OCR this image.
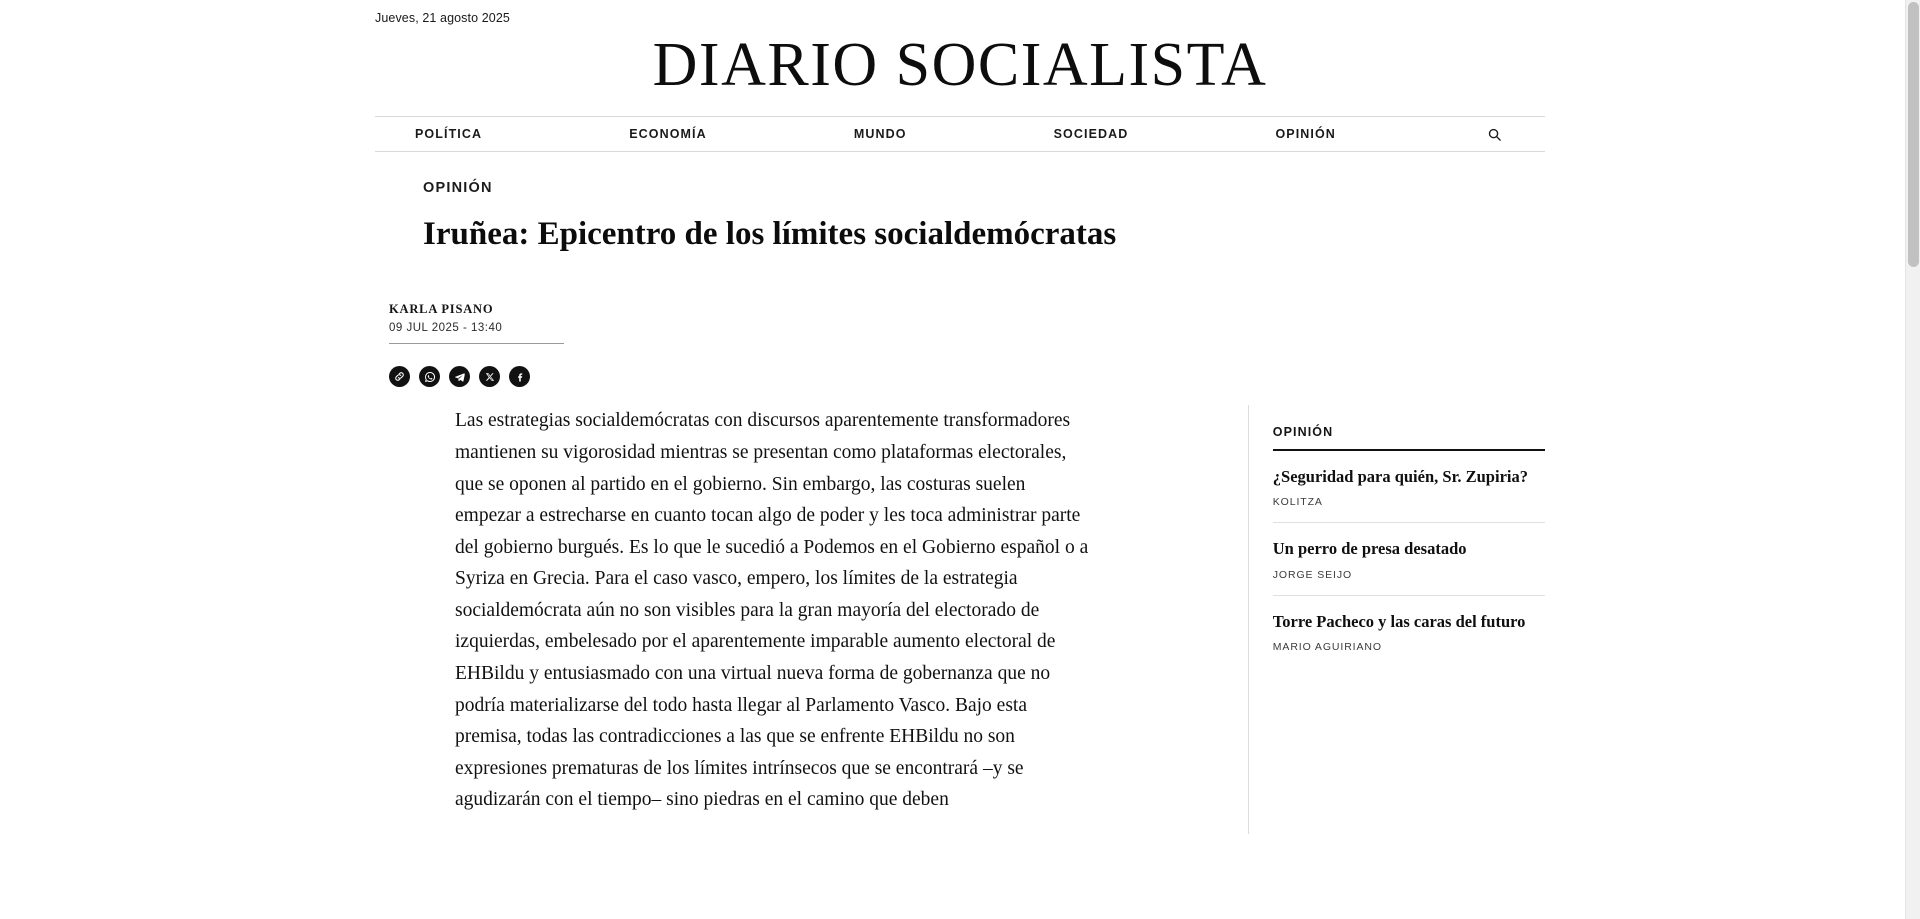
Jueves, 21 agosto 2025
DIARIO SOCIALISTA
POLÍTICA	ECONOMÍA	MUNDO	SOCIEDAD	OPINIÓN
OPINIÓN
Iruñea: Epicentro de los límites socialdemócratas
KARLA PISANO
09 JUL 2025 - 13:40

Las estrategias socialdemócratas con discursos aparentemente transformadores mantienen su vigorosidad mientras se presentan como plataformas electorales, que se oponen al partido en el gobierno. Sin embargo, las costuras suelen empezar a estrecharse en cuanto tocan algo de poder y les toca administrar parte del gobierno burgués. Es lo que le sucedió a Podemos en el Gobierno español o a Syriza en Grecia. Para el caso vasco, empero, los límites de la estrategia socialdemócrata aún no son visibles para la gran mayoría del electorado de izquierdas, embelesado por el aparentemente imparable aumento electoral de EHBildu y entusiasmado con una virtual nueva forma de gobernanza que no podría materializarse del todo hasta llegar al Parlamento Vasco. Bajo esta premisa, todas las contradicciones a las que se enfrente EHBildu no son expresiones prematuras de los límites intrínsecos que se encontrará –y se agudizarán con el tiempo– sino piedras en el camino que deben

OPINIÓN
¿Seguridad para quién, Sr. Zupiria?
KOLITZA
Un perro de presa desatado
JORGE SEIJO
Torre Pacheco y las caras del futuro
MARIO AGUIRIANO
